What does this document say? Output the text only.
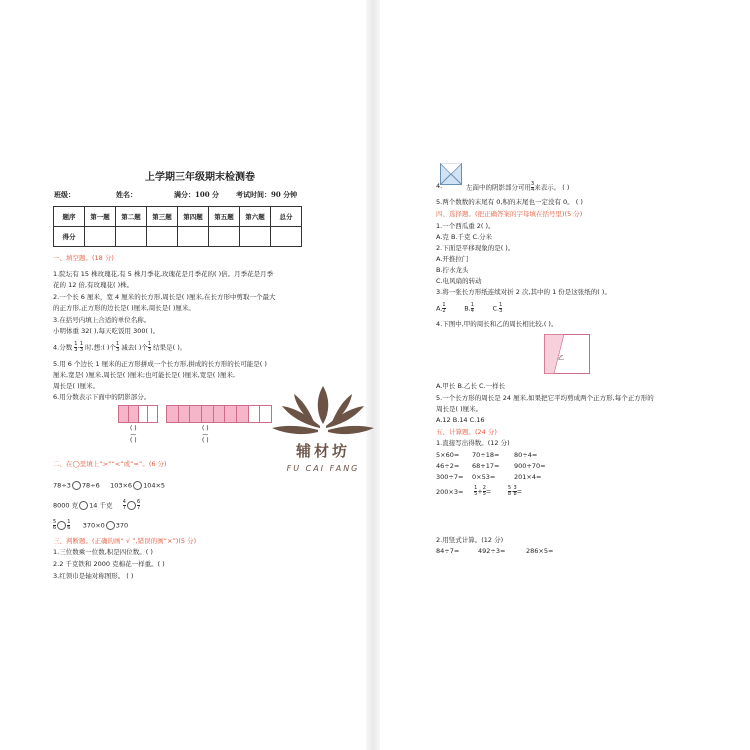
上学期三年级期末检测卷
班级：	姓名：	满分：100 分 考试时间：90 分钟
题序	第一题	第二题	第三题	第四题	第五题	第六题	总分
得分							
一、填空题。(18 分)
1.院坛有 15 株玫瑰花,有 5 株月季花,玫瑰花是月季花的( )倍。月季花是月季
花的 12 倍,有玫瑰花( )株。
2.一个长 6 厘米，宽 4 厘米的长方形,周长是( )厘米,在长方形中剪取一个最大
的正方形,正方形的边长是( )厘米,周长是( )厘米。
3.在括号内填上合适的单位名称。
小明体重 32( ),每天吃饭用 300( )。
4.分数 1
3- 1
3 时,想:( )个 1
3 减去( )个 1
3 结果是( )。
5.用 6 个边长 1 厘米的正方形拼成一个长方形,拼成的长方形的长可能是( )
厘米,宽是( )厘米,周长是( )厘米;也可能长是( )厘米,宽是( )厘米,
周长是( )厘米。
6.用分数表示下面中的阴影部分。
( )
—
( )
( )
—
( )
二、在◯里填上“>”“<”或“=”。(6 分)
78÷3 78÷6 103×6 104×5
8000 克 14 千克 4
7
6
7
5
6
1
6 370×0 370
三、判断题。(正确的画“ √ ”,错误的画“×”)(5 分)
1.三位数乘一位数,积是四位数。( )
2.2 千克铁和 2000 克棉花一样重。( )
3.红领巾是轴对称图形。 ( )
辅材坊
FU CAI FANG
4.	左面中的阴影部分可用 3
4来表示。 ( )
5.两个数数的末尾有 0,积的末尾也一定没有 0。 ( )
四、选择题。(把正确答案的字母填在括号里)(5 分)
1.一个西瓜重 2( )。
A.克 B.千克 C.分米
2.下面是平移现象的是( )。
A.开推拉门
B.拧水龙头
C.电风扇的转动
3.将一张长方形纸连续对折 2 次,其中的 1 份是这张纸的( )。
A. 1
2	B. 1
4	C. 1
3
4.下图中,甲的周长和乙的周长相比较,( )。
乙
A.甲长 B.乙长 C.一样长
5.一个长方形的周长是 24 厘米,如果把它平均剪成两个正方形,每个正方形的
周长是( )厘米。
A.12 B.14 C.16
五、计算题。(24 分)
1.直接写出得数。(12 分)
5×60= 70÷18= 80÷4=
46÷2= 68+17= 900+70=
300÷7= 0×53=	201×4=
200×3= 1
5+ 2
5= 5
8- 3
8=
2.用竖式计算。(12 分)
84÷7=	492÷3=	286×5=
